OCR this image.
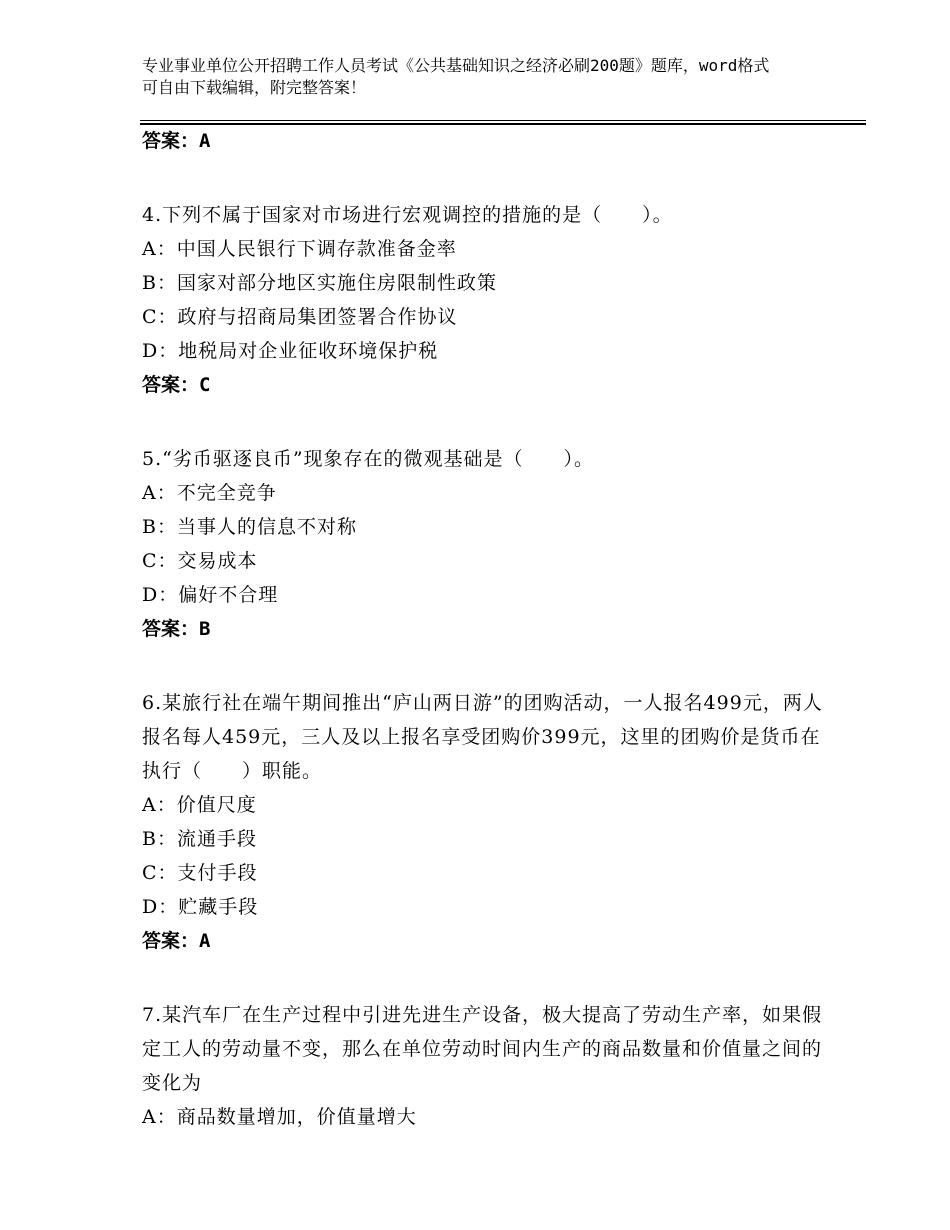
专业事业单位公开招聘工作人员考试《公共基础知识之经济必刷200题》题库，word格式可自由下载编辑，附完整答案！
答案：A
4.下列不属于国家对市场进行宏观调控的措施的是（　　）。
A：中国人民银行下调存款准备金率
B：国家对部分地区实施住房限制性政策
C：政府与招商局集团签署合作协议
D：地税局对企业征收环境保护税
答案：C
5.“劣币驱逐良币”现象存在的微观基础是（　　）。
A：不完全竞争
B：当事人的信息不对称
C：交易成本
D：偏好不合理
答案：B
6.某旅行社在端午期间推出“庐山两日游”的团购活动，一人报名499元，两人报名每人459元，三人及以上报名享受团购价399元，这里的团购价是货币在执行（　　）职能。
A：价值尺度
B：流通手段
C：支付手段
D：贮藏手段
答案：A
7.某汽车厂在生产过程中引进先进生产设备，极大提高了劳动生产率，如果假定工人的劳动量不变，那么在单位劳动时间内生产的商品数量和价值量之间的变化为
A：商品数量增加，价值量增大
